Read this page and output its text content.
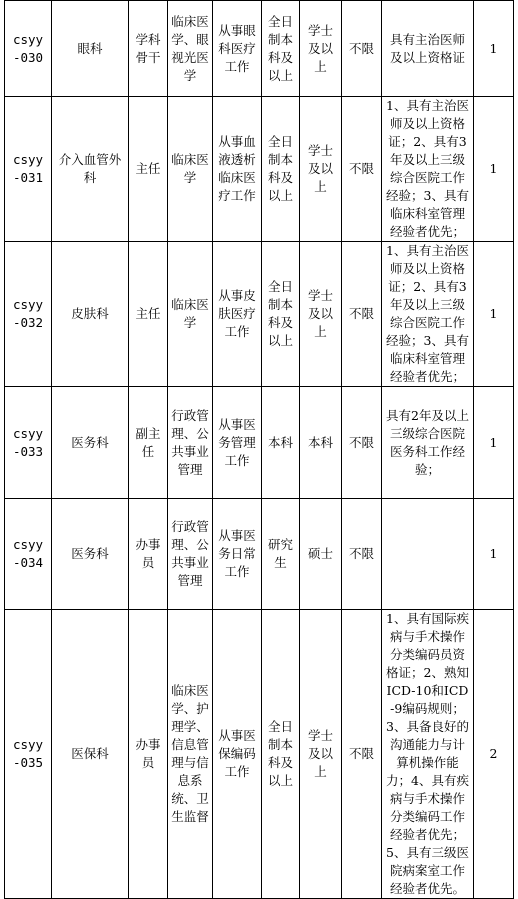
csyy
-030	眼科	学科骨干	临床医学、眼视光医学	从事眼科医疗工作	全日制本科及以上	学士及以上	不限	具有主治医师及以上资格证	1

csyy
-031	介入血管外科	主任	临床医学	从事血液透析临床医疗工作	全日制本科及以上	学士及以上	不限	1、具有主治医师及以上资格证；2、具有3年及以上三级综合医院工作经验；3、具有临床科室管理经验者优先；	1

csyy
-032	皮肤科	主任	临床医学	从事皮肤医疗工作	全日制本科及以上	学士及以上	不限	1、具有主治医师及以上资格证；2、具有3年及以上三级综合医院工作经验；3、具有临床科室管理经验者优先；	1

csyy
-033	医务科	副主任	行政管理、公共事业管理	从事医务管理工作	本科	本科	不限	具有2年及以上三级综合医院医务科工作经验；	1

csyy
-034	医务科	办事员	行政管理、公共事业管理	从事医务日常工作	研究生	硕士	不限		1

csyy
-035	医保科	办事员	临床医学、护理学、信息管理与信息系统、卫生监督	从事医保编码工作	全日制本科及以上	学士及以上	不限	1、具有国际疾病与手术操作分类编码员资格证；2、熟知ICD-10和ICD-9编码规则；3、具备良好的沟通能力与计算机操作能力；4、具有疾病与手术操作分类编码工作经验者优先；5、具有三级医院病案室工作经验者优先。	2
